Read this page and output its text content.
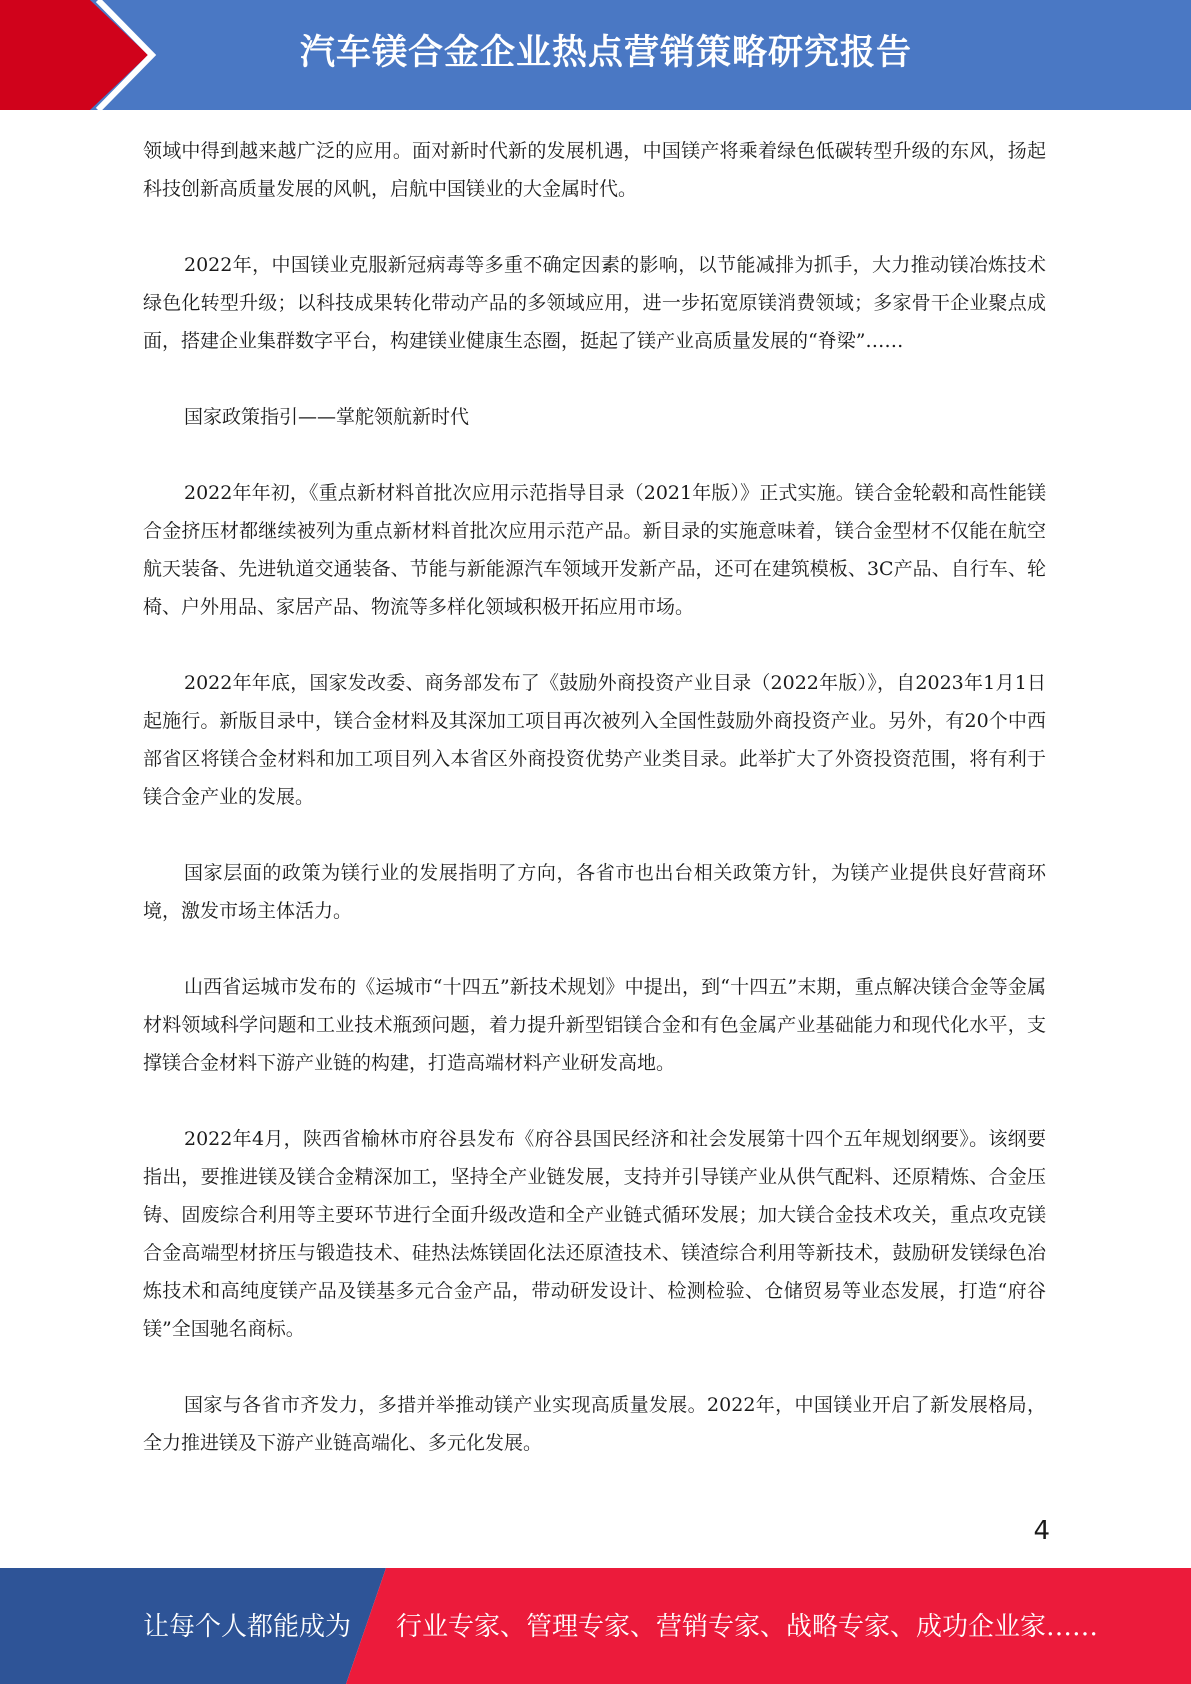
汽车镁合金企业热点营销策略研究报告

领域中得到越来越广泛的应用。面对新时代新的发展机遇，中国镁产将乘着绿色低碳转型升级的东风，扬起科技创新高质量发展的风帆，启航中国镁业的大金属时代。

2022年，中国镁业克服新冠病毒等多重不确定因素的影响，以节能减排为抓手，大力推动镁冶炼技术绿色化转型升级；以科技成果转化带动产品的多领域应用，进一步拓宽原镁消费领域；多家骨干企业聚点成面，搭建企业集群数字平台，构建镁业健康生态圈，挺起了镁产业高质量发展的“脊梁”……

国家政策指引——掌舵领航新时代

2022年年初，《重点新材料首批次应用示范指导目录（2021年版）》正式实施。镁合金轮毂和高性能镁合金挤压材都继续被列为重点新材料首批次应用示范产品。新目录的实施意味着，镁合金型材不仅能在航空航天装备、先进轨道交通装备、节能与新能源汽车领域开发新产品，还可在建筑模板、3C产品、自行车、轮椅、户外用品、家居产品、物流等多样化领域积极开拓应用市场。

2022年年底，国家发改委、商务部发布了《鼓励外商投资产业目录（2022年版）》，自2023年1月1日起施行。新版目录中，镁合金材料及其深加工项目再次被列入全国性鼓励外商投资产业。另外，有20个中西部省区将镁合金材料和加工项目列入本省区外商投资优势产业类目录。此举扩大了外资投资范围，将有利于镁合金产业的发展。

国家层面的政策为镁行业的发展指明了方向，各省市也出台相关政策方针，为镁产业提供良好营商环境，激发市场主体活力。

山西省运城市发布的《运城市“十四五”新技术规划》中提出，到“十四五”末期，重点解决镁合金等金属材料领域科学问题和工业技术瓶颈问题，着力提升新型铝镁合金和有色金属产业基础能力和现代化水平，支撑镁合金材料下游产业链的构建，打造高端材料产业研发高地。

2022年4月，陕西省榆林市府谷县发布《府谷县国民经济和社会发展第十四个五年规划纲要》。该纲要指出，要推进镁及镁合金精深加工，坚持全产业链发展，支持并引导镁产业从供气配料、还原精炼、合金压铸、固废综合利用等主要环节进行全面升级改造和全产业链式循环发展；加大镁合金技术攻关，重点攻克镁合金高端型材挤压与锻造技术、硅热法炼镁固化法还原渣技术、镁渣综合利用等新技术，鼓励研发镁绿色冶炼技术和高纯度镁产品及镁基多元合金产品，带动研发设计、检测检验、仓储贸易等业态发展，打造“府谷镁”全国驰名商标。

国家与各省市齐发力，多措并举推动镁产业实现高质量发展。2022年，中国镁业开启了新发展格局，全力推进镁及下游产业链高端化、多元化发展。

4
让每个人都能成为 行业专家、管理专家、营销专家、战略专家、成功企业家……
